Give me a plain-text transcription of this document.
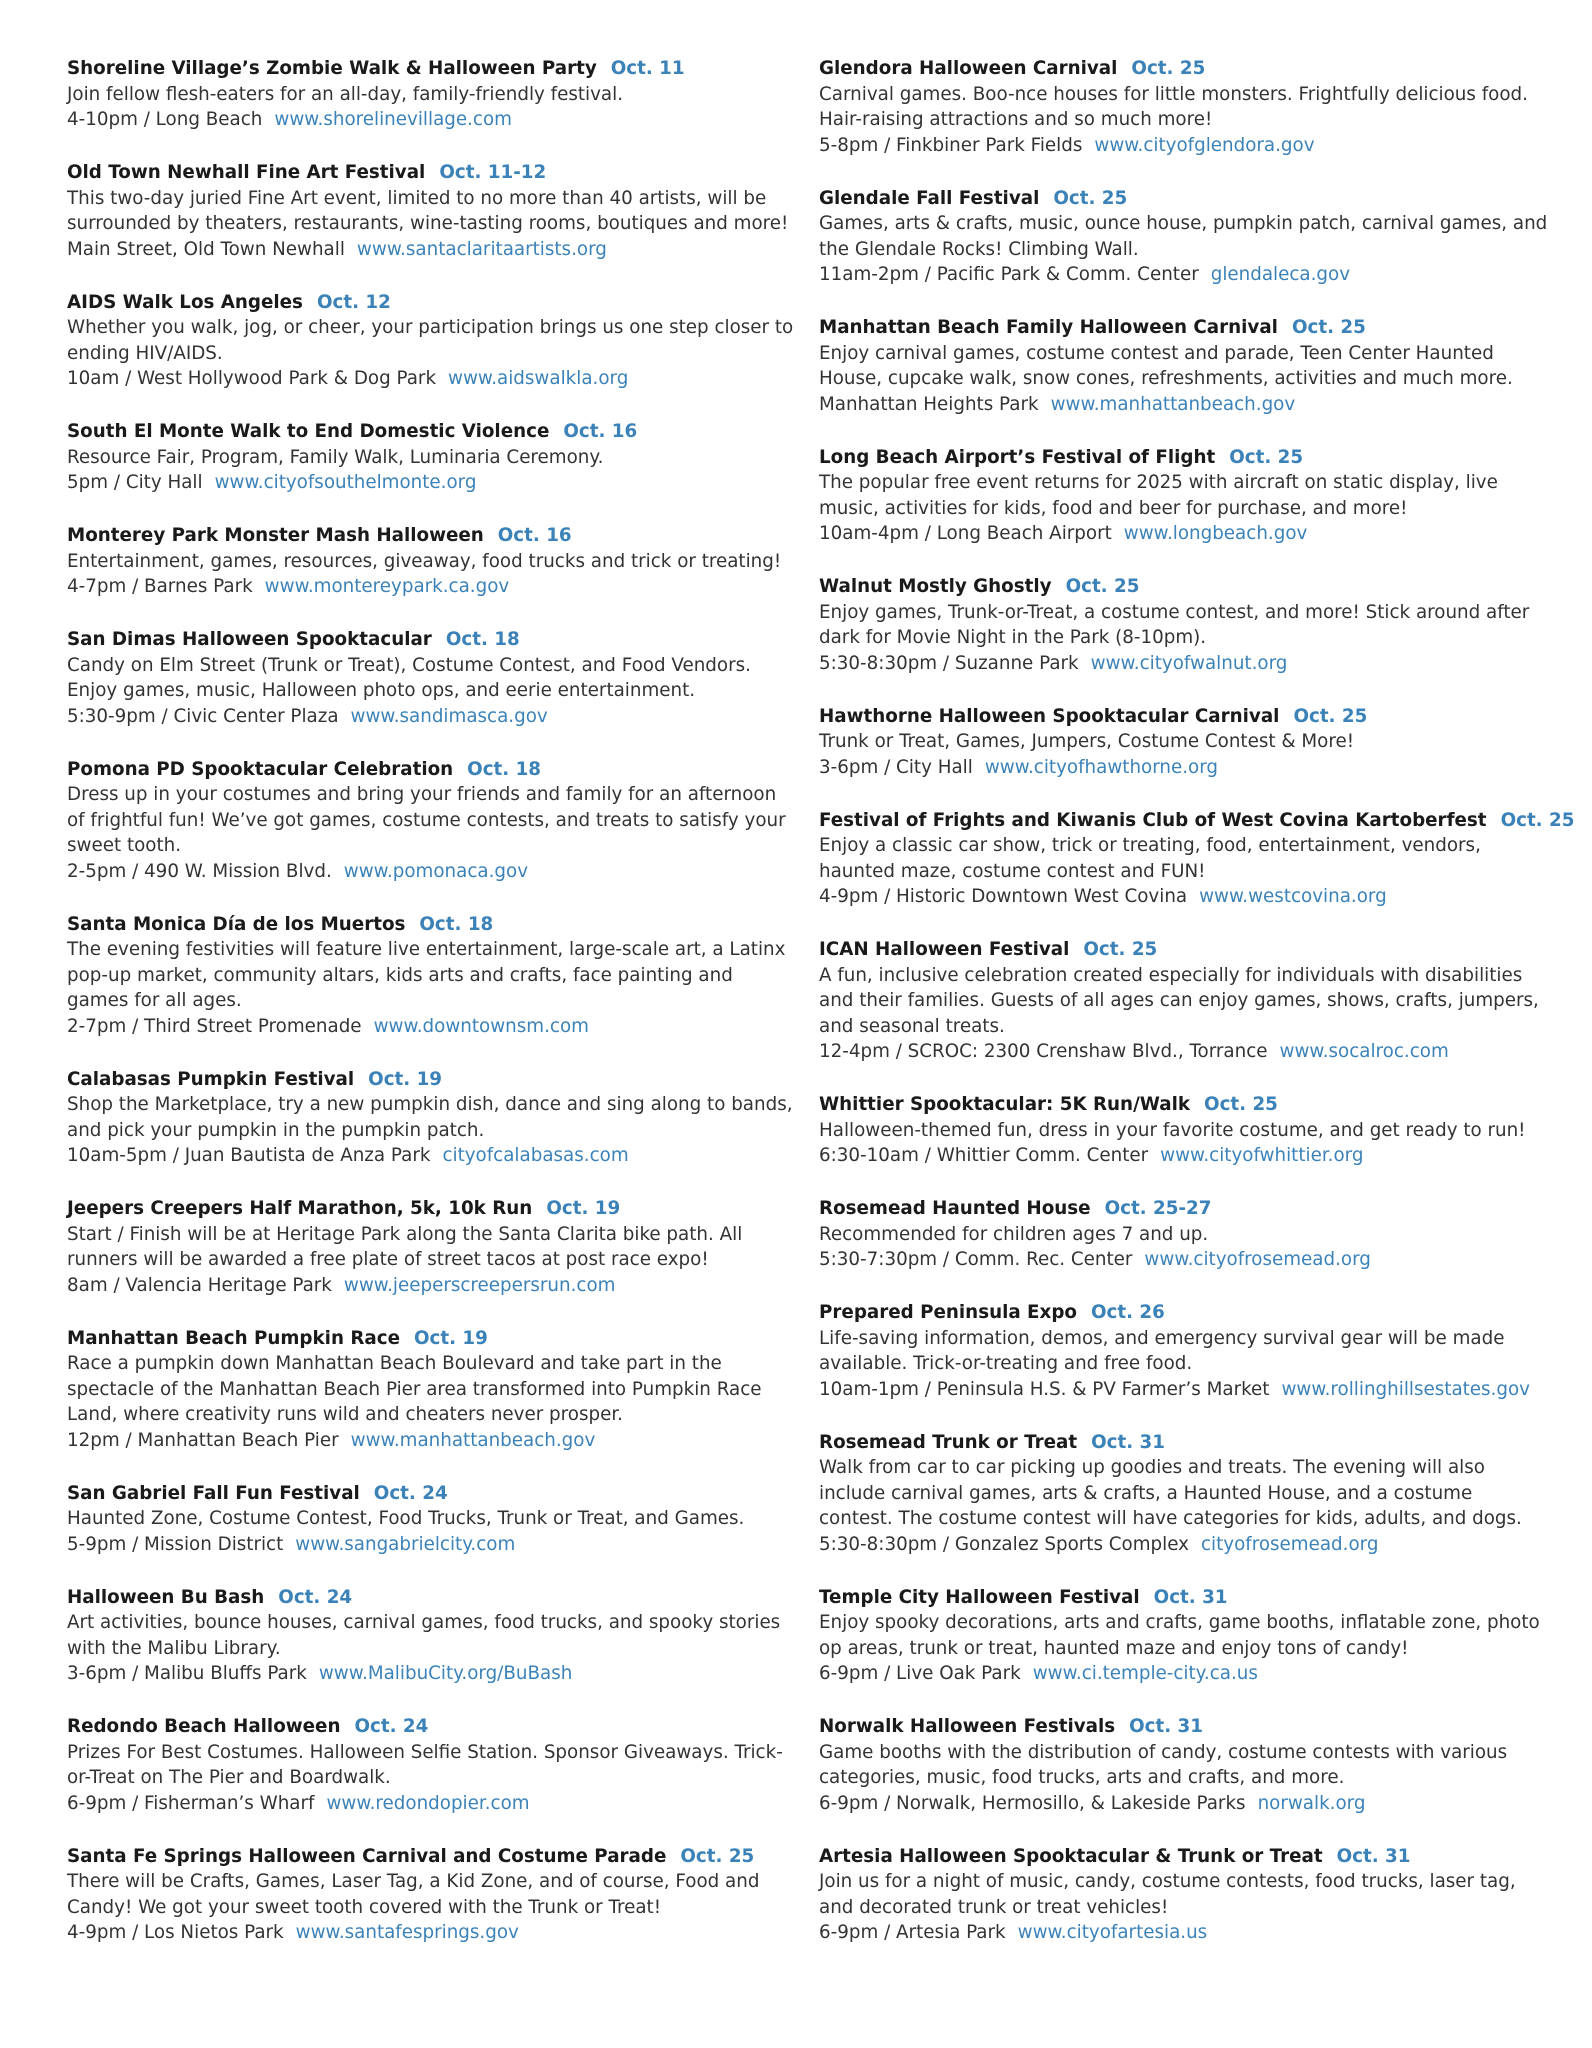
Shoreline Village’s Zombie Walk & Halloween Party Oct. 11
Join fellow flesh-eaters for an all-day, family-friendly festival.
4-10pm / Long Beach www.shorelinevillage.com
Old Town Newhall Fine Art Festival Oct. 11-12
This two-day juried Fine Art event, limited to no more than 40 artists, will be surrounded by theaters, restaurants, wine-tasting rooms, boutiques and more!
Main Street, Old Town Newhall www.santaclaritaartists.org
AIDS Walk Los Angeles Oct. 12
Whether you walk, jog, or cheer, your participation brings us one step closer to ending HIV/AIDS.
10am / West Hollywood Park & Dog Park www.aidswalkla.org
South El Monte Walk to End Domestic Violence Oct. 16
Resource Fair, Program, Family Walk, Luminaria Ceremony.
5pm / City Hall www.cityofsouthelmonte.org
Monterey Park Monster Mash Halloween Oct. 16
Entertainment, games, resources, giveaway, food trucks and trick or treating!
4-7pm / Barnes Park www.montereypark.ca.gov
San Dimas Halloween Spooktacular Oct. 18
Candy on Elm Street (Trunk or Treat), Costume Contest, and Food Vendors. Enjoy games, music, Halloween photo ops, and eerie entertainment.
5:30-9pm / Civic Center Plaza www.sandimasca.gov
Pomona PD Spooktacular Celebration Oct. 18
Dress up in your costumes and bring your friends and family for an afternoon of frightful fun! We’ve got games, costume contests, and treats to satisfy your sweet tooth.
2-5pm / 490 W. Mission Blvd. www.pomonaca.gov
Santa Monica Día de los Muertos Oct. 18
The evening festivities will feature live entertainment, large-scale art, a Latinx pop-up market, community altars, kids arts and crafts, face painting and games for all ages.
2-7pm / Third Street Promenade www.downtownsm.com
Calabasas Pumpkin Festival Oct. 19
Shop the Marketplace, try a new pumpkin dish, dance and sing along to bands, and pick your pumpkin in the pumpkin patch.
10am-5pm / Juan Bautista de Anza Park cityofcalabasas.com
Jeepers Creepers Half Marathon, 5k, 10k Run Oct. 19
Start / Finish will be at Heritage Park along the Santa Clarita bike path. All runners will be awarded a free plate of street tacos at post race expo!
8am / Valencia Heritage Park www.jeeperscreepersrun.com
Manhattan Beach Pumpkin Race Oct. 19
Race a pumpkin down Manhattan Beach Boulevard and take part in the spectacle of the Manhattan Beach Pier area transformed into Pumpkin Race Land, where creativity runs wild and cheaters never prosper.
12pm / Manhattan Beach Pier www.manhattanbeach.gov
San Gabriel Fall Fun Festival Oct. 24
Haunted Zone, Costume Contest, Food Trucks, Trunk or Treat, and Games.
5-9pm / Mission District www.sangabrielcity.com
Halloween Bu Bash Oct. 24
Art activities, bounce houses, carnival games, food trucks, and spooky stories with the Malibu Library.
3-6pm / Malibu Bluffs Park www.MalibuCity.org/BuBash
Redondo Beach Halloween Oct. 24
Prizes For Best Costumes. Halloween Selfie Station. Sponsor Giveaways. Trick-or-Treat on The Pier and Boardwalk.
6-9pm / Fisherman’s Wharf www.redondopier.com
Santa Fe Springs Halloween Carnival and Costume Parade Oct. 25
There will be Crafts, Games, Laser Tag, a Kid Zone, and of course, Food and Candy! We got your sweet tooth covered with the Trunk or Treat!
4-9pm / Los Nietos Park www.santafesprings.gov
Glendora Halloween Carnival Oct. 25
Carnival games. Boo-nce houses for little monsters. Frightfully delicious food. Hair-raising attractions and so much more!
5-8pm / Finkbiner Park Fields www.cityofglendora.gov
Glendale Fall Festival Oct. 25
Games, arts & crafts, music, ounce house, pumpkin patch, carnival games, and the Glendale Rocks! Climbing Wall.
11am-2pm / Pacific Park & Comm. Center glendaleca.gov
Manhattan Beach Family Halloween Carnival Oct. 25
Enjoy carnival games, costume contest and parade, Teen Center Haunted House, cupcake walk, snow cones, refreshments, activities and much more.
Manhattan Heights Park www.manhattanbeach.gov
Long Beach Airport’s Festival of Flight Oct. 25
The popular free event returns for 2025 with aircraft on static display, live music, activities for kids, food and beer for purchase, and more!
10am-4pm / Long Beach Airport www.longbeach.gov
Walnut Mostly Ghostly Oct. 25
Enjoy games, Trunk-or-Treat, a costume contest, and more! Stick around after dark for Movie Night in the Park (8-10pm).
5:30-8:30pm / Suzanne Park www.cityofwalnut.org
Hawthorne Halloween Spooktacular Carnival Oct. 25
Trunk or Treat, Games, Jumpers, Costume Contest & More!
3-6pm / City Hall www.cityofhawthorne.org
Festival of Frights and Kiwanis Club of West Covina Kartoberfest Oct. 25
Enjoy a classic car show, trick or treating, food, entertainment, vendors, haunted maze, costume contest and FUN!
4-9pm / Historic Downtown West Covina www.westcovina.org
ICAN Halloween Festival Oct. 25
A fun, inclusive celebration created especially for individuals with disabilities and their families. Guests of all ages can enjoy games, shows, crafts, jumpers, and seasonal treats.
12-4pm / SCROC: 2300 Crenshaw Blvd., Torrance www.socalroc.com
Whittier Spooktacular: 5K Run/Walk Oct. 25
Halloween-themed fun, dress in your favorite costume, and get ready to run!
6:30-10am / Whittier Comm. Center www.cityofwhittier.org
Rosemead Haunted House Oct. 25-27
Recommended for children ages 7 and up.
5:30-7:30pm / Comm. Rec. Center www.cityofrosemead.org
Prepared Peninsula Expo Oct. 26
Life-saving information, demos, and emergency survival gear will be made available. Trick-or-treating and free food.
10am-1pm / Peninsula H.S. & PV Farmer’s Market www.rollinghillsestates.gov
Rosemead Trunk or Treat Oct. 31
Walk from car to car picking up goodies and treats. The evening will also include carnival games, arts & crafts, a Haunted House, and a costume contest. The costume contest will have categories for kids, adults, and dogs.
5:30-8:30pm / Gonzalez Sports Complex cityofrosemead.org
Temple City Halloween Festival Oct. 31
Enjoy spooky decorations, arts and crafts, game booths, inflatable zone, photo op areas, trunk or treat, haunted maze and enjoy tons of candy!
6-9pm / Live Oak Park www.ci.temple-city.ca.us
Norwalk Halloween Festivals Oct. 31
Game booths with the distribution of candy, costume contests with various categories, music, food trucks, arts and crafts, and more.
6-9pm / Norwalk, Hermosillo, & Lakeside Parks norwalk.org
Artesia Halloween Spooktacular & Trunk or Treat Oct. 31
Join us for a night of music, candy, costume contests, food trucks, laser tag, and decorated trunk or treat vehicles!
6-9pm / Artesia Park www.cityofartesia.us
